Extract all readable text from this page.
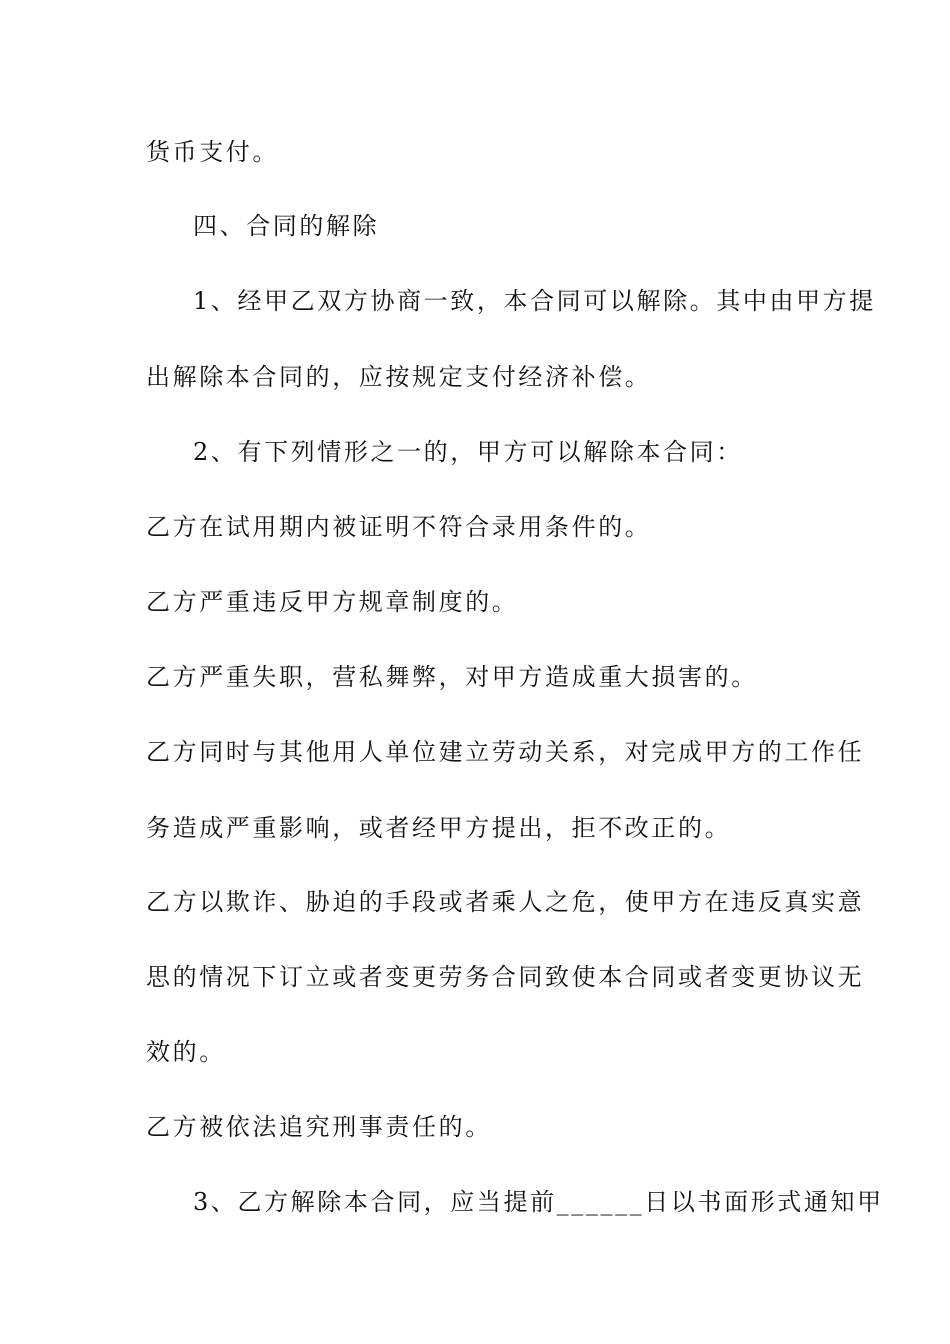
货币支付。
四、合同的解除
1、经甲乙双方协商一致，本合同可以解除。其中由甲方提
出解除本合同的，应按规定支付经济补偿。
2、有下列情形之一的，甲方可以解除本合同：
乙方在试用期内被证明不符合录用条件的。
乙方严重违反甲方规章制度的。
乙方严重失职，营私舞弊，对甲方造成重大损害的。
乙方同时与其他用人单位建立劳动关系，对完成甲方的工作任
务造成严重影响，或者经甲方提出，拒不改正的。
乙方以欺诈、胁迫的手段或者乘人之危，使甲方在违反真实意
思的情况下订立或者变更劳务合同致使本合同或者变更协议无
效的。
乙方被依法追究刑事责任的。
3、乙方解除本合同，应当提前______日以书面形式通知甲
